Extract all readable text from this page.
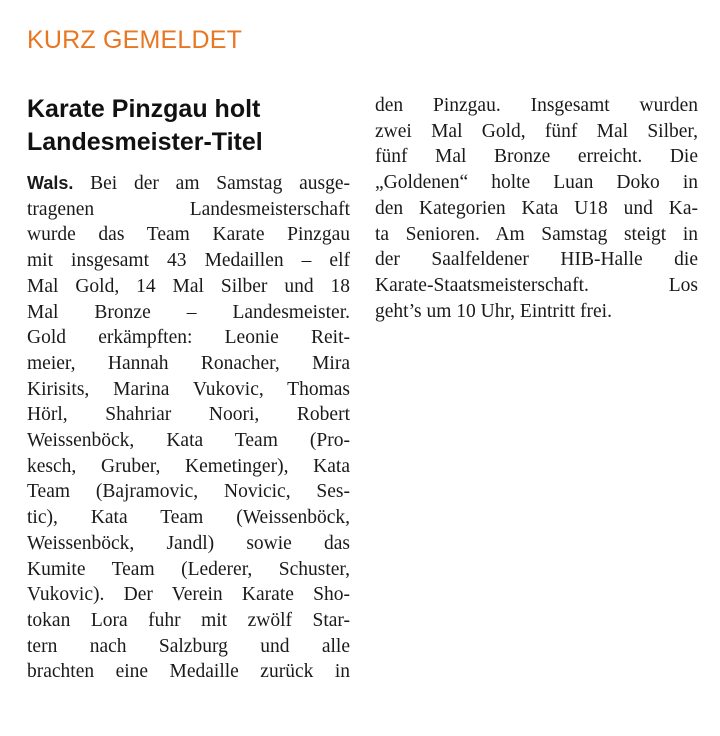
KURZ GEMELDET
Karate Pinzgau holt
Landesmeister-Titel
Wals. Bei der am Samstag ausge-
tragenen Landesmeisterschaft
wurde das Team Karate Pinzgau
mit insgesamt 43 Medaillen – elf
Mal Gold, 14 Mal Silber und 18
Mal Bronze – Landesmeister.
Gold erkämpften: Leonie Reit-
meier, Hannah Ronacher, Mira
Kirisits, Marina Vukovic, Thomas
Hörl, Shahriar Noori, Robert
Weissenböck, Kata Team (Pro-
kesch, Gruber, Kemetinger), Kata
Team (Bajramovic, Novicic, Ses-
tic), Kata Team (Weissenböck,
Weissenböck, Jandl) sowie das
Kumite Team (Lederer, Schuster,
Vukovic). Der Verein Karate Sho-
tokan Lora fuhr mit zwölf Star-
tern nach Salzburg und alle
brachten eine Medaille zurück in
den Pinzgau. Insgesamt wurden
zwei Mal Gold, fünf Mal Silber,
fünf Mal Bronze erreicht. Die
„Goldenen“ holte Luan Doko in
den Kategorien Kata U18 und Ka-
ta Senioren. Am Samstag steigt in
der Saalfeldener HIB-Halle die
Karate-Staatsmeisterschaft. Los
geht’s um 10 Uhr, Eintritt frei.
